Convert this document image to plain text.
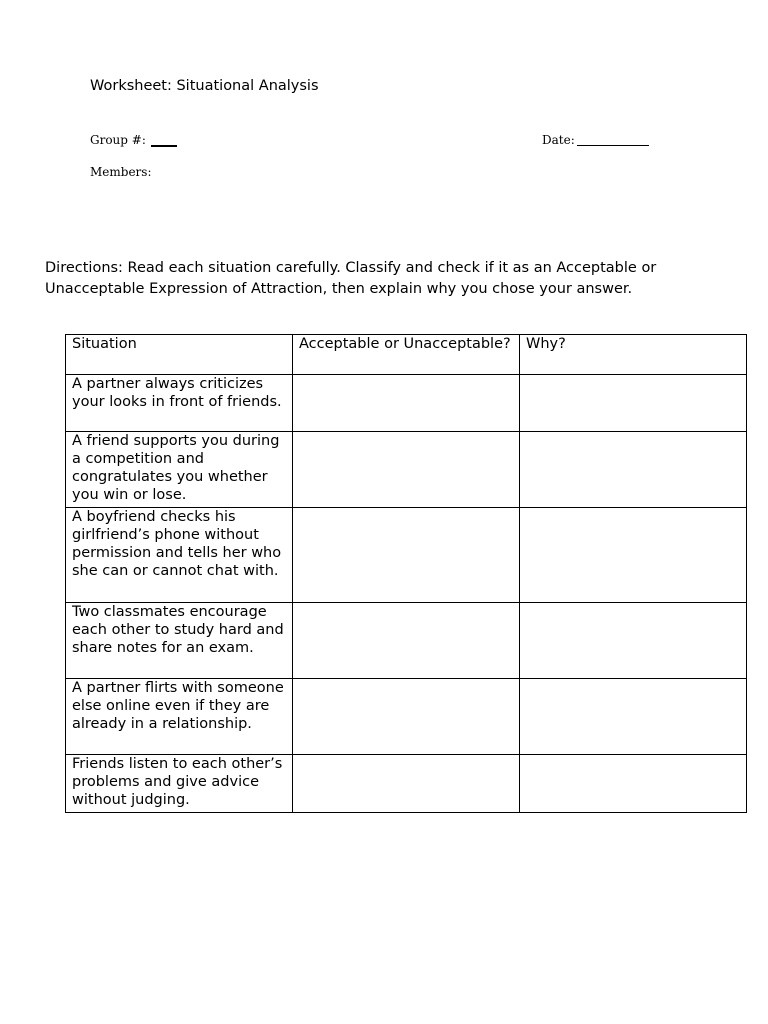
Worksheet: Situational Analysis
Group #:	Date:
Members:
Directions: Read each situation carefully. Classify and check if it as an Acceptable or Unacceptable Expression of Attraction, then explain why you chose your answer.
Situation	Acceptable or Unacceptable?	Why?
A partner always criticizes your looks in front of friends.		
A friend supports you during a competition and congratulates you whether you win or lose.		
A boyfriend checks his girlfriend’s phone without permission and tells her who she can or cannot chat with.		
Two classmates encourage each other to study hard and share notes for an exam.		
A partner flirts with someone else online even if they are already in a relationship.		
Friends listen to each other’s problems and give advice without judging.		
